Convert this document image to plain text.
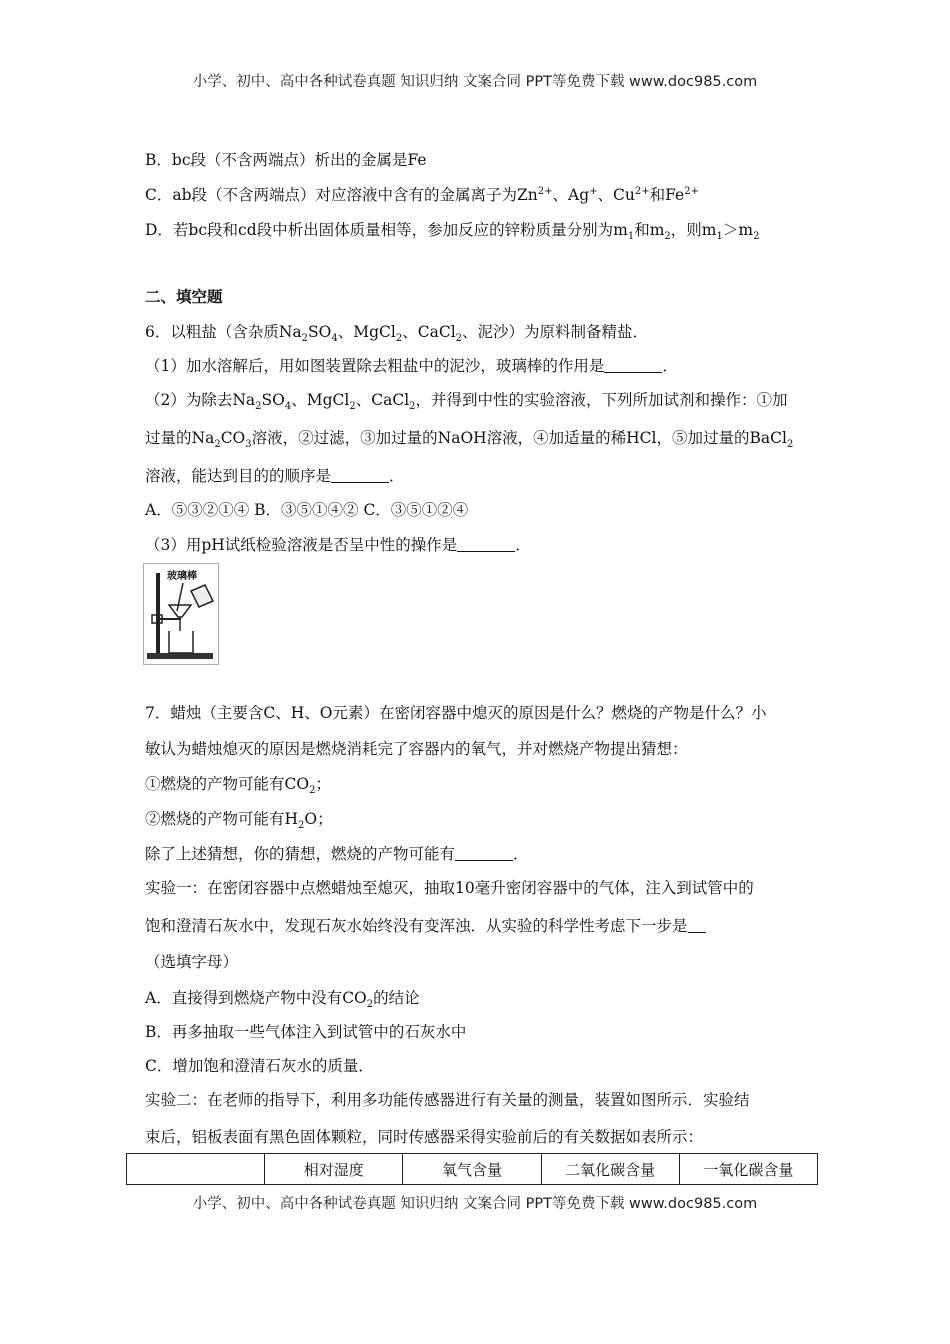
小学、初中、高中各种试卷真题 知识归纳 文案合同 PPT等免费下载 www.doc985.com
B．bc段（不含两端点）析出的金属是Fe
C．ab段（不含两端点）对应溶液中含有的金属离子为$Zn^{2+}$、Ag+、$Cu^{2+}$和$Fe^{2+}$
D．若bc段和cd段中析出固体质量相等，参加反应的锌粉质量分别为$m_1$和$m_2$，则$m_1>m_2$
二、填空题
6．以粗盐（含杂质$Na_2SO_4$、MgCl$_2$、CaCl$_2$、泥沙）为原料制备精盐．
（1）加水溶解后，用如图装置除去粗盐中的泥沙，玻璃棒的作用是	．
（2）为除去$Na_2SO_4$、MgCl$_2$、CaCl$_2$，并得到中性的实验溶液，下列所加试剂和操作：①加
过量的$Na_2CO_3$溶液，②过滤，③加过量的NaOH溶液，④加适量的稀HCl，⑤加过量的BaCl$_2$
溶液，能达到目的的顺序是	．
A．⑤③②①④ B．③⑤①④② C．③⑤①②④
（3）用pH试纸检验溶液是否呈中性的操作是	．
玻璃棒
7．蜡烛（主要含C、H、O元素）在密闭容器中熄灭的原因是什么？燃烧的产物是什么？小
敏认为蜡烛熄灭的原因是燃烧消耗完了容器内的氧气，并对燃烧产物提出猜想：
①燃烧的产物可能有$CO_2$；
②燃烧的产物可能有$H_2O$；
除了上述猜想，你的猜想，燃烧的产物可能有	．
实验一：在密闭容器中点燃蜡烛至熄灭，抽取10毫升密闭容器中的气体，注入到试管中的
饱和澄清石灰水中，发现石灰水始终没有变浑浊．从实验的科学性考虑下一步是
（选填字母）
A．直接得到燃烧产物中没有$CO_2$的结论
B．再多抽取一些气体注入到试管中的石灰水中
C．增加饱和澄清石灰水的质量．
实验二：在老师的指导下，利用多功能传感器进行有关量的测量，装置如图所示．实验结
束后，铝板表面有黑色固体颗粒，同时传感器采得实验前后的有关数据如表所示：
	相对湿度	氧气含量	二氧化碳含量	一氧化碳含量
小学、初中、高中各种试卷真题 知识归纳 文案合同 PPT等免费下载 www.doc985.com
